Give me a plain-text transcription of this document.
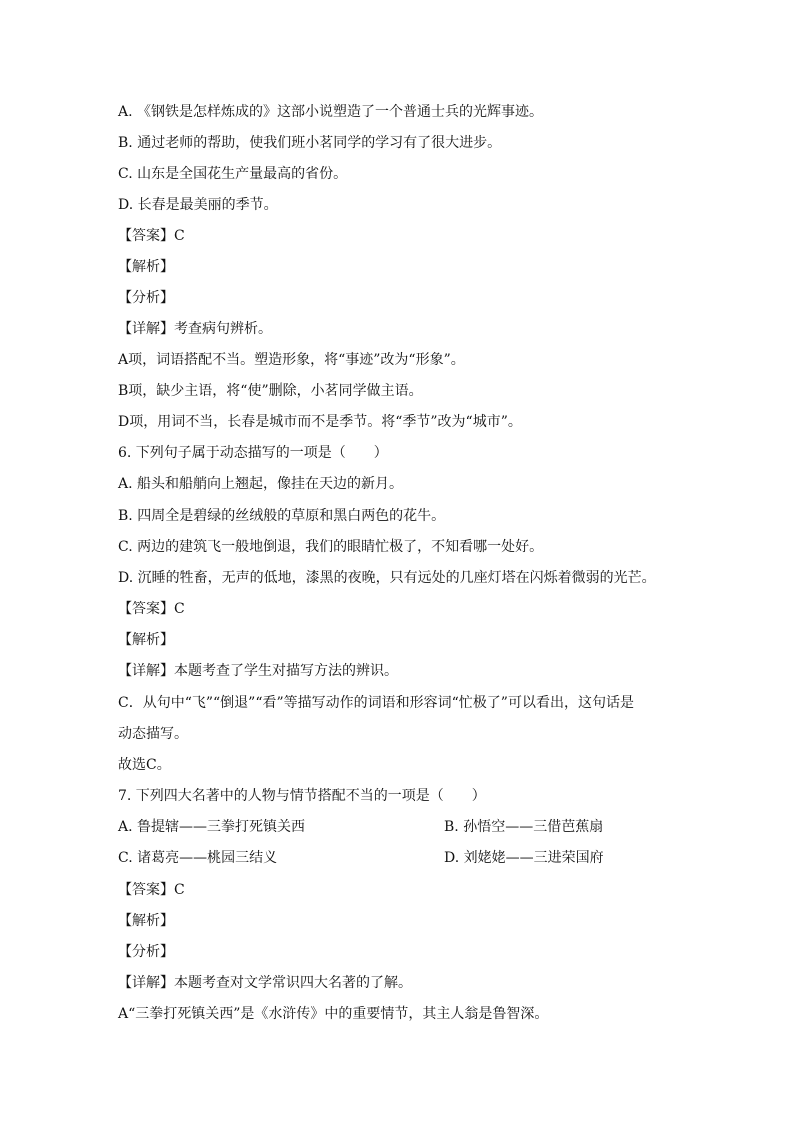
A. 《钢铁是怎样炼成的》这部小说塑造了一个普通士兵的光辉事迹。
B. 通过老师的帮助，使我们班小茗同学的学习有了很大进步。
C. 山东是全国花生产量最高的省份。
D. 长春是最美丽的季节。
【答案】C
【解析】
【分析】
【详解】考查病句辨析。
A项，词语搭配不当。塑造形象，将“事迹”改为“形象”。
B项，缺少主语，将“使”删除，小茗同学做主语。
D项，用词不当，长春是城市而不是季节。将“季节”改为“城市”。
6. 下列句子属于动态描写的一项是（　　）
A. 船头和船艄向上翘起，像挂在天边的新月。
B. 四周全是碧绿的丝绒般的草原和黑白两色的花牛。
C. 两边的建筑飞一般地倒退，我们的眼睛忙极了，不知看哪一处好。
D. 沉睡的牲畜，无声的低地，漆黑的夜晚，只有远处的几座灯塔在闪烁着微弱的光芒。
【答案】C
【解析】
【详解】本题考查了学生对描写方法的辨识。
C．从句中“飞”“倒退”“看”等描写动作的词语和形容词“忙极了”可以看出，这句话是
动态描写。
故选C。
7. 下列四大名著中的人物与情节搭配不当的一项是（　　）
A. 鲁提辖——三拳打死镇关西	B. 孙悟空——三借芭蕉扇
C. 诸葛亮——桃园三结义	D. 刘姥姥——三进荣国府
【答案】C
【解析】
【分析】
【详解】本题考查对文学常识四大名著的了解。
A“三拳打死镇关西”是《水浒传》中的重要情节，其主人翁是鲁智深。
